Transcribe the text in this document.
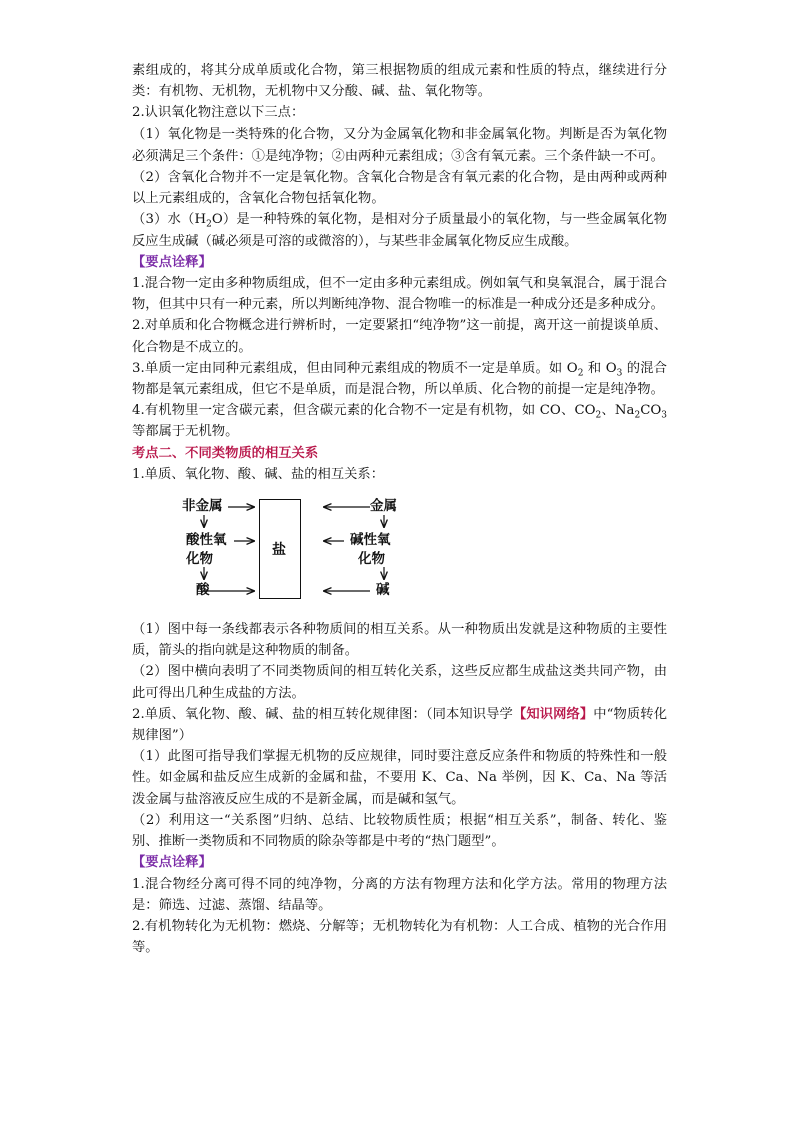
素组成的，将其分成单质或化合物，第三根据物质的组成元素和性质的特点，继续进行分类：有机物、无机物，无机物中又分酸、碱、盐、氧化物等。

2.认识氧化物注意以下三点：

（1）氧化物是一类特殊的化合物，又分为金属氧化物和非金属氧化物。判断是否为氧化物必须满足三个条件：①是纯净物；②由两种元素组成；③含有氧元素。三个条件缺一不可。

（2）含氧化合物并不一定是氧化物。含氧化合物是含有氧元素的化合物，是由两种或两种以上元素组成的，含氧化合物包括氧化物。

（3）水$(H_2O)$是一种特殊的氧化物，是相对分子质量最小的氧化物，与一些金属氧化物反应生成碱（碱必须是可溶的或微溶的），与某些非金属氧化物反应生成酸。

【要点诠释】

1.混合物一定由多种物质组成，但不一定由多种元素组成。例如氧气和臭氧混合，属于混合物，但其中只有一种元素，所以判断纯净物、混合物唯一的标准是一种成分还是多种成分。

2.对单质和化合物概念进行辨析时，一定要紧扣“纯净物”这一前提，离开这一前提谈单质、化合物是不成立的。

3.单质一定由同种元素组成，但由同种元素组成的物质不一定是单质。如 $O_2$ 和 $O_3$ 的混合物都是氧元素组成，但它不是单质，而是混合物，所以单质、化合物的前提一定是纯净物。

4.有机物里一定含碳元素，但含碳元素的化合物不一定是有机物，如 CO、$CO_2$、$Na_2CO_3$ 等都属于无机物。

考点二、不同类物质的相互关系

1.单质、氧化物、酸、碱、盐的相互关系：

非金属
酸性氧
化物
酸
盐
金属
碱性氧
化物
碱

（1）图中每一条线都表示各种物质间的相互关系。从一种物质出发就是这种物质的主要性质，箭头的指向就是这种物质的制备。

（2）图中横向表明了不同类物质间的相互转化关系，这些反应都生成盐这类共同产物，由此可得出几种生成盐的方法。

2.单质、氧化物、酸、碱、盐的相互转化规律图：（同本知识导学【知识网络】中“物质转化规律图”）

（1）此图可指导我们掌握无机物的反应规律，同时要注意反应条件和物质的特殊性和一般性。如金属和盐反应生成新的金属和盐，不要用 K、Ca、Na 举例，因 K、Ca、Na 等活泼金属与盐溶液反应生成的不是新金属，而是碱和氢气。

（2）利用这一“关系图”归纳、总结、比较物质性质；根据“相互关系”，制备、转化、鉴别、推断一类物质和不同物质的除杂等都是中考的“热门题型”。

【要点诠释】

1.混合物经分离可得不同的纯净物，分离的方法有物理方法和化学方法。常用的物理方法是：筛选、过滤、蒸馏、结晶等。

2.有机物转化为无机物：燃烧、分解等；无机物转化为有机物：人工合成、植物的光合作用等。
